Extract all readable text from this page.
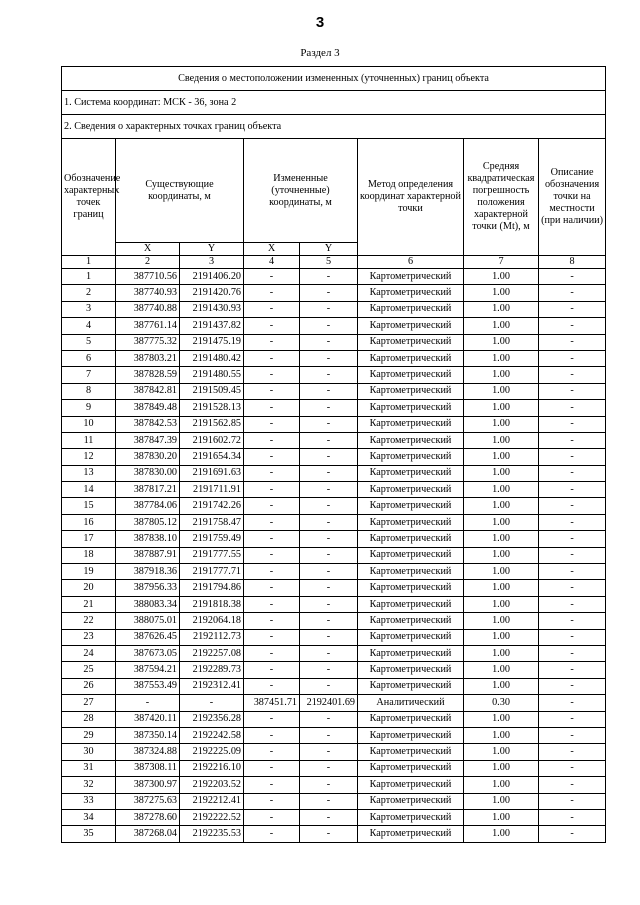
3
Раздел 3
Сведения о местоположении измененных (уточненных) границ объекта							
1. Система координат: МСК - 36, зона 2							
2. Сведения о характерных точках границ объекта							
Обозначение характерных точек границ	Существующие координаты, м		Измененные (уточненные) координаты, м		Метод определения координат характерной точки	Средняя квадратическая погрешность положения характерной точки (Mt), м	Описание обозначения точки на местности (при наличии)
	X	Y	X	Y			
1	2	3	4	5	6	7	8
1	387710.56	2191406.20	-	-	Картометрический	1.00	-
2	387740.93	2191420.76	-	-	Картометрический	1.00	-
3	387740.88	2191430.93	-	-	Картометрический	1.00	-
4	387761.14	2191437.82	-	-	Картометрический	1.00	-
5	387775.32	2191475.19	-	-	Картометрический	1.00	-
6	387803.21	2191480.42	-	-	Картометрический	1.00	-
7	387828.59	2191480.55	-	-	Картометрический	1.00	-
8	387842.81	2191509.45	-	-	Картометрический	1.00	-
9	387849.48	2191528.13	-	-	Картометрический	1.00	-
10	387842.53	2191562.85	-	-	Картометрический	1.00	-
11	387847.39	2191602.72	-	-	Картометрический	1.00	-
12	387830.20	2191654.34	-	-	Картометрический	1.00	-
13	387830.00	2191691.63	-	-	Картометрический	1.00	-
14	387817.21	2191711.91	-	-	Картометрический	1.00	-
15	387784.06	2191742.26	-	-	Картометрический	1.00	-
16	387805.12	2191758.47	-	-	Картометрический	1.00	-
17	387838.10	2191759.49	-	-	Картометрический	1.00	-
18	387887.91	2191777.55	-	-	Картометрический	1.00	-
19	387918.36	2191777.71	-	-	Картометрический	1.00	-
20	387956.33	2191794.86	-	-	Картометрический	1.00	-
21	388083.34	2191818.38	-	-	Картометрический	1.00	-
22	388075.01	2192064.18	-	-	Картометрический	1.00	-
23	387626.45	2192112.73	-	-	Картометрический	1.00	-
24	387673.05	2192257.08	-	-	Картометрический	1.00	-
25	387594.21	2192289.73	-	-	Картометрический	1.00	-
26	387553.49	2192312.41	-	-	Картометрический	1.00	-
27	-	-	387451.71	2192401.69	Аналитический	0.30	-
28	387420.11	2192356.28	-	-	Картометрический	1.00	-
29	387350.14	2192242.58	-	-	Картометрический	1.00	-
30	387324.88	2192225.09	-	-	Картометрический	1.00	-
31	387308.11	2192216.10	-	-	Картометрический	1.00	-
32	387300.97	2192203.52	-	-	Картометрический	1.00	-
33	387275.63	2192212.41	-	-	Картометрический	1.00	-
34	387278.60	2192222.52	-	-	Картометрический	1.00	-
35	387268.04	2192235.53	-	-	Картометрический	1.00	-
